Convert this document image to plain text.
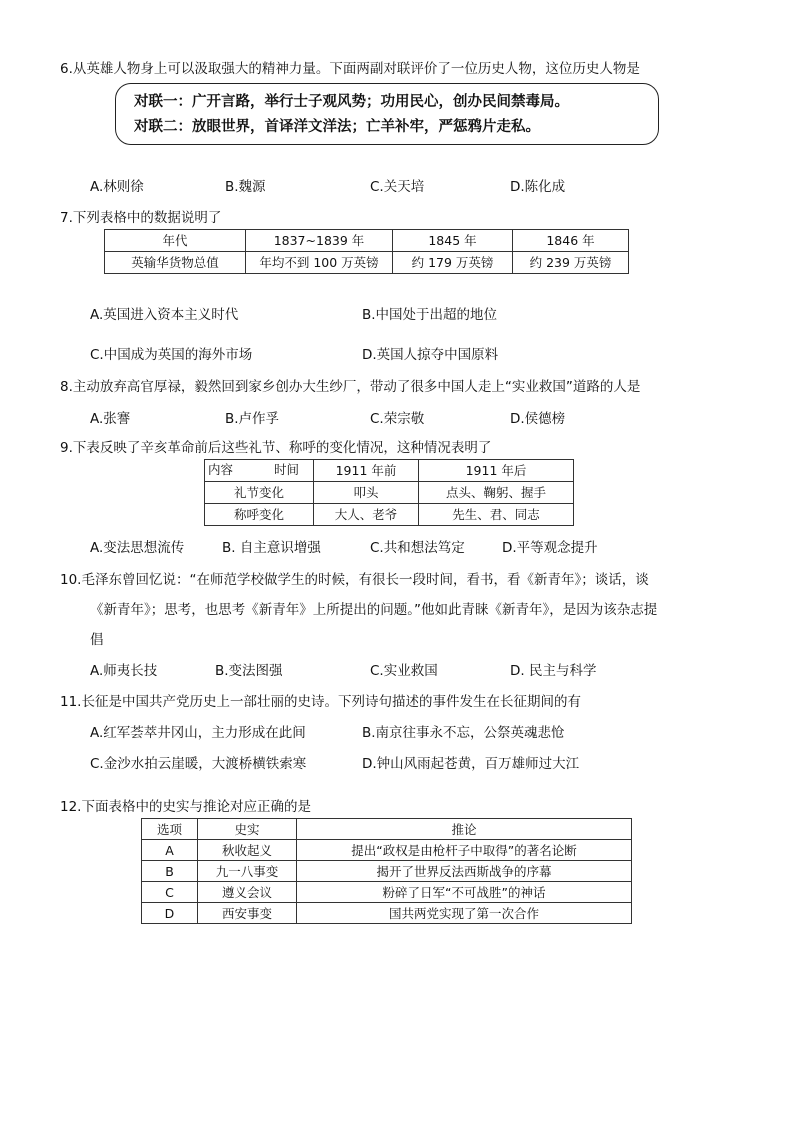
6.从英雄人物身上可以汲取强大的精神力量。下面两副对联评价了一位历史人物，这位历史人物是
对联一：广开言路，举行士子观风势；功用民心，创办民间禁毒局。
对联二：放眼世界，首译洋文洋法；亡羊补牢，严惩鸦片走私。
A.林则徐	B.魏源	C.关天培	D.陈化成
7.下列表格中的数据说明了
年代	1837~1839 年	1845 年	1846 年
英输华货物总值	年均不到 100 万英镑	约 179 万英镑	约 239 万英镑
A.英国进入资本主义时代	B.中国处于出超的地位
C.中国成为英国的海外市场	D.英国人掠夺中国原料
8.主动放弃高官厚禄，毅然回到家乡创办大生纱厂，带动了很多中国人走上“实业救国”道路的人是
A.张謇	B.卢作孚	C.荣宗敬	D.侯德榜
9.下表反映了辛亥革命前后这些礼节、称呼的变化情况，这种情况表明了
内容 时间	1911 年前	1911 年后
礼节变化	叩头	点头、鞠躬、握手
称呼变化	大人、老爷	先生、君、同志
A.变法思想流传	B. 自主意识增强	C.共和想法笃定	D.平等观念提升
10.毛泽东曾回忆说：“在师范学校做学生的时候，有很长一段时间，看书，看《新青年》；谈话，谈
《新青年》；思考，也思考《新青年》上所提出的问题。”他如此青睐《新青年》，是因为该杂志提
倡
A.师夷长技	B.变法图强	C.实业救国	D. 民主与科学
11.长征是中国共产党历史上一部壮丽的史诗。下列诗句描述的事件发生在长征期间的有
A.红军荟萃井冈山，主力形成在此间	B.南京往事永不忘，公祭英魂悲怆
C.金沙水拍云崖暖，大渡桥横铁索寒	D.钟山风雨起苍黄，百万雄师过大江
12.下面表格中的史实与推论对应正确的是
选项	史实	推论
A	秋收起义	提出“政权是由枪杆子中取得”的著名论断
B	九一八事变	揭开了世界反法西斯战争的序幕
C	遵义会议	粉碎了日军“不可战胜”的神话
D	西安事变	国共两党实现了第一次合作
